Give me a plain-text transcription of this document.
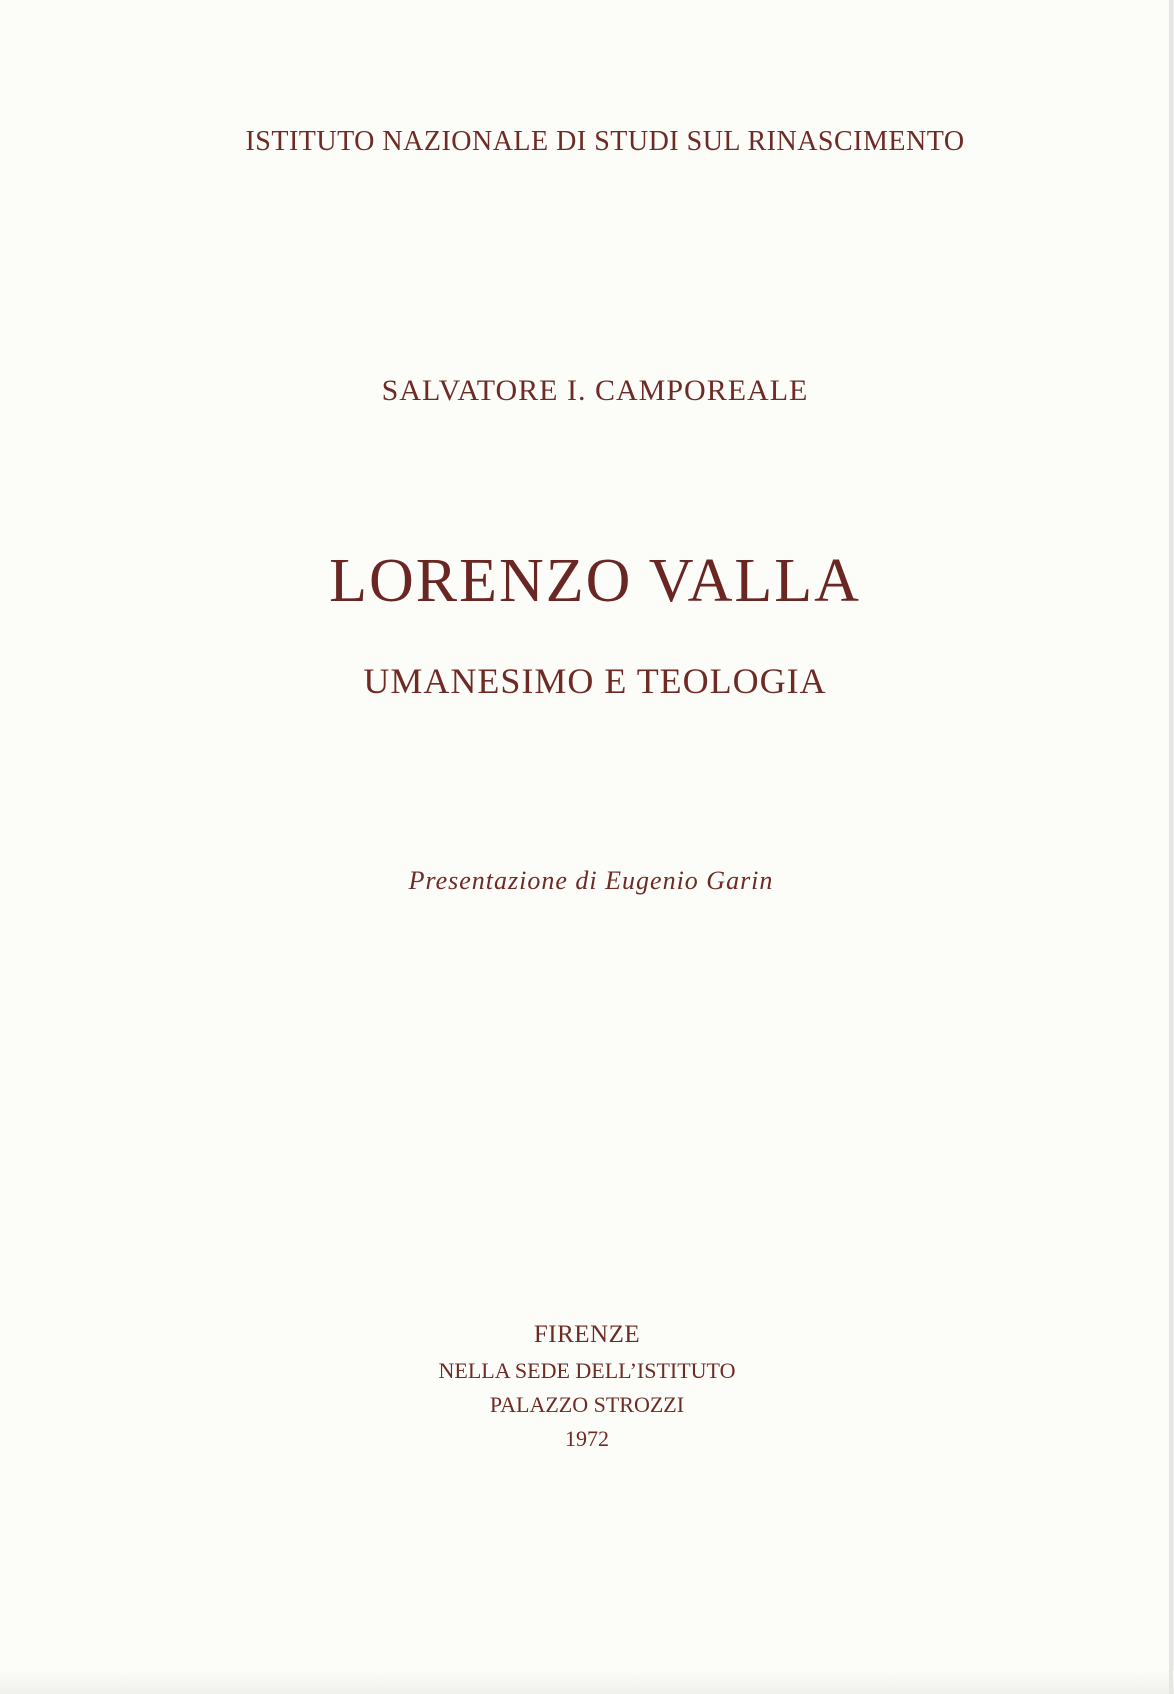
ISTITUTO NAZIONALE DI STUDI SUL RINASCIMENTO
SALVATORE I. CAMPOREALE
LORENZO VALLA
UMANESIMO E TEOLOGIA
Presentazione di Eugenio Garin
FIRENZE
NELLA SEDE DELL’ISTITUTO
PALAZZO STROZZI
1972
